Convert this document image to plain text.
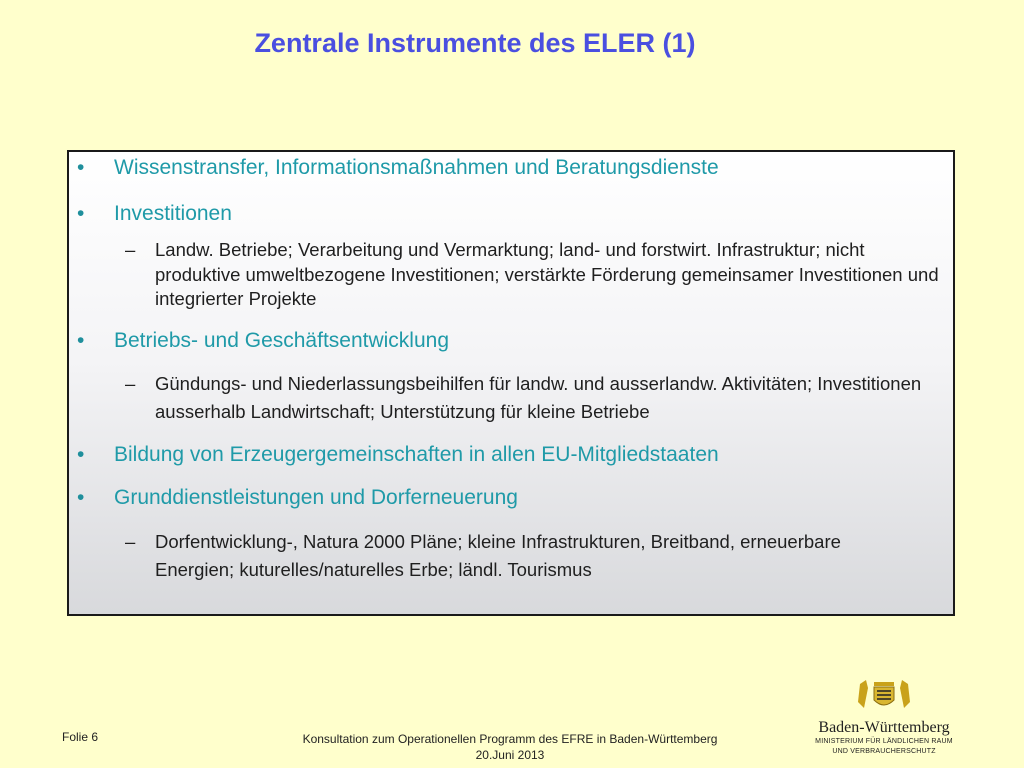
Zentrale Instrumente des ELER (1)
•	Wissenstransfer, Informationsmaßnahmen und Beratungsdienste
•	Investitionen
–	Landw. Betriebe; Verarbeitung und Vermarktung; land- und forstwirt. Infrastruktur; nicht produktive umweltbezogene Investitionen; verstärkte Förderung gemeinsamer Investitionen und integrierter Projekte
•	Betriebs- und Geschäftsentwicklung
–	Gündungs- und Niederlassungsbeihilfen für landw. und ausserlandw. Aktivitäten; Investitionen ausserhalb Landwirtschaft; Unterstützung für kleine Betriebe
•	Bildung von Erzeugergemeinschaften in allen EU-Mitgliedstaaten
•	Grunddienstleistungen und Dorferneuerung
–	Dorfentwicklung-, Natura 2000 Pläne; kleine Infrastrukturen, Breitband, erneuerbare Energien; kuturelles/naturelles Erbe; ländl. Tourismus
Folie 6	Konsultation zum Operationellen Programm des EFRE in Baden-Württemberg
20.Juni 2013
Baden-Württemberg
MINISTERIUM FÜR LÄNDLICHEN RAUM
UND VERBRAUCHERSCHUTZ
